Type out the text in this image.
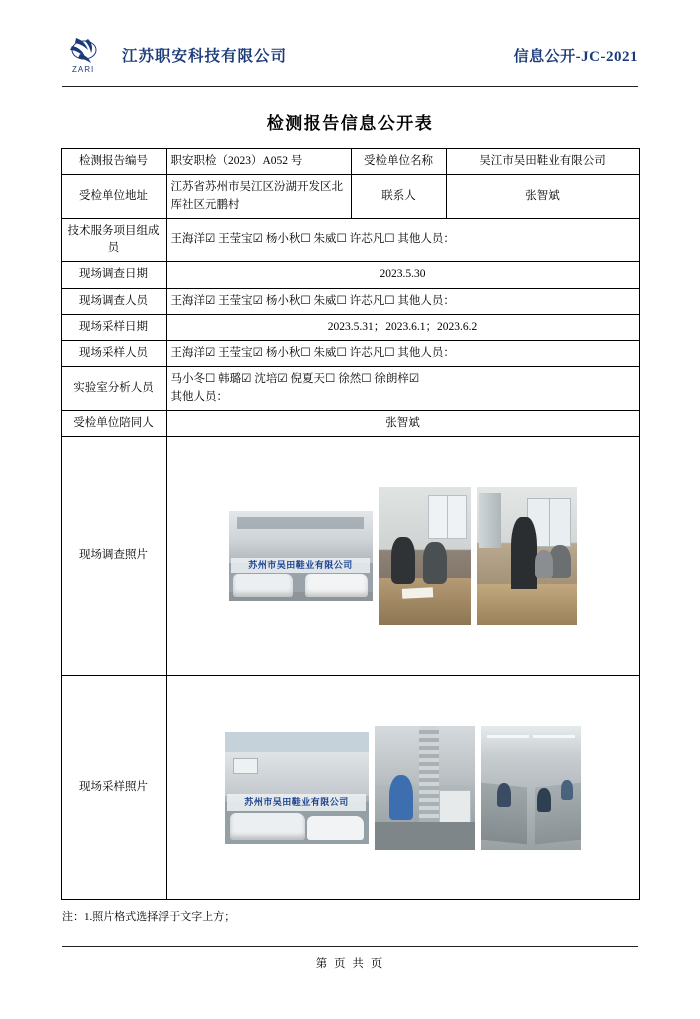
ZARI
江苏职安科技有限公司	信息公开-JC-2021
检测报告信息公开表
检测报告编号	职安职检（2023）A052 号	受检单位名称	吴江市吴田鞋业有限公司
受检单位地址	江苏省苏州市吴江区汾湖开发区北厍社区元鹏村	联系人	张智斌
技术服务项目组成员	王海洋☑ 王莹宝☑ 杨小秋☐ 朱威☐ 许芯凡☐ 其他人员：		
现场调查日期	2023.5.30		
现场调查人员	王海洋☑ 王莹宝☑ 杨小秋☐ 朱威☐ 许芯凡☐ 其他人员：		
现场采样日期	2023.5.31；2023.6.1；2023.6.2		
现场采样人员	王海洋☑ 王莹宝☑ 杨小秋☐ 朱威☐ 许芯凡☐ 其他人员：		
实验室分析人员	马小冬☐ 韩璐☑ 沈培☑ 倪夏天☐ 徐然☐ 徐朗梓☑
其他人员：		

受检单位陪同人	张智斌		
现场调查照片	苏州市吴田鞋业有限公司		

现场采样照片	苏州市吴田鞋业有限公司		
注：1.照片格式选择浮于文字上方；
第 页 共 页
